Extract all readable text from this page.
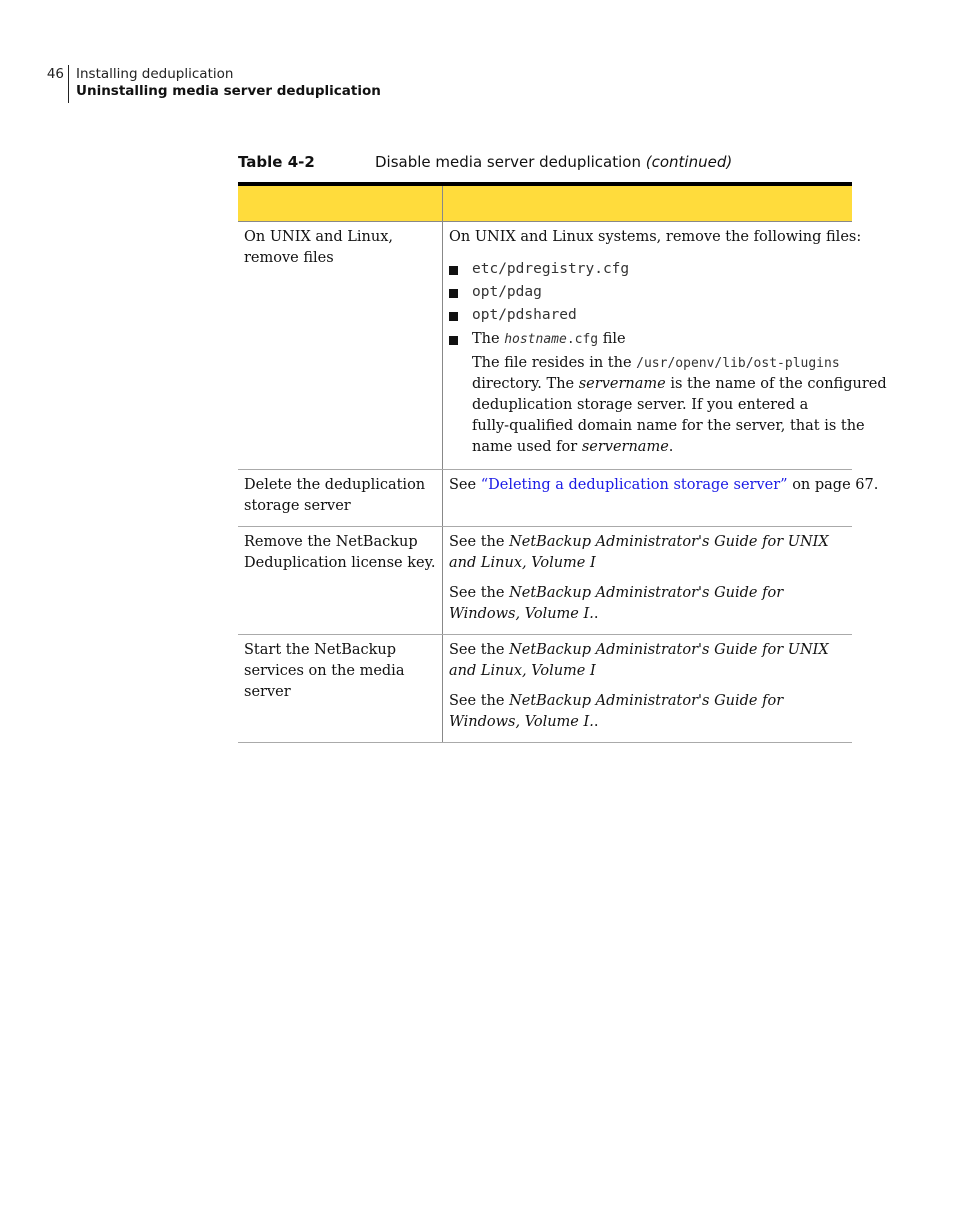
46 Installing deduplication
Uninstalling media server deduplication
Table 4-2	Disable media server deduplication (continued)
On UNIX and Linux, remove files
On UNIX and Linux systems, remove the following files:
etc/pdregistry.cfg
opt/pdag
opt/pdshared
The hostname.cfg file

The file resides in the /usr/openv/lib/ost-plugins

directory. The servername is the name of the configured

deduplication storage server. If you entered a

fully-qualified domain name for the server, that is the

name used for servername.

Delete the deduplication storage server
See “Deleting a deduplication storage server” on page 67.
Remove the NetBackup Deduplication license key.
See the NetBackup Administrator's Guide for UNIX and Linux, Volume I
See the NetBackup Administrator's Guide for Windows, Volume I..
Start the NetBackup services on the media server
See the NetBackup Administrator's Guide for UNIX and Linux, Volume I
See the NetBackup Administrator's Guide for Windows, Volume I..
